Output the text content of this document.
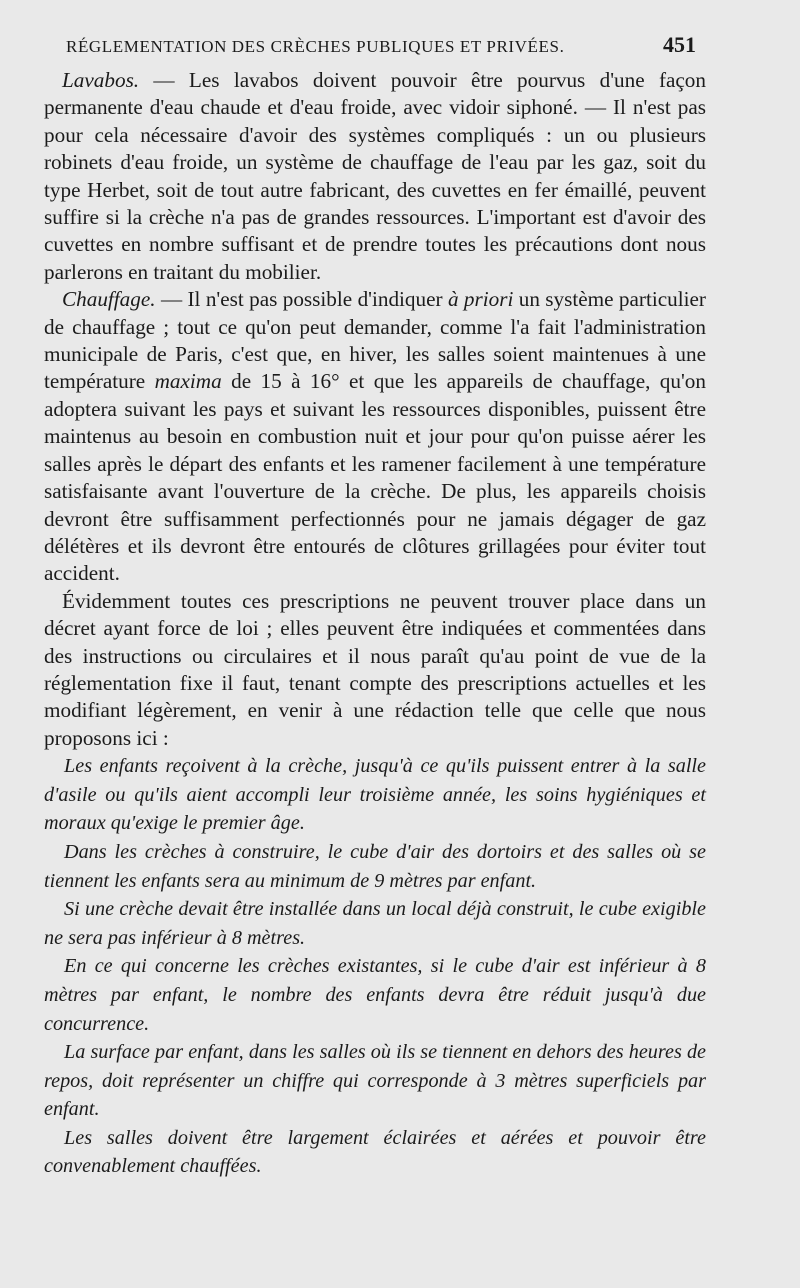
RÉGLEMENTATION DES CRÈCHES PUBLIQUES ET PRIVÉES.	451

Lavabos. — Les lavabos doivent pouvoir être pourvus d'une façon permanente d'eau chaude et d'eau froide, avec vidoir siphoné. — Il n'est pas pour cela nécessaire d'avoir des systèmes compliqués : un ou plusieurs robinets d'eau froide, un système de chauffage de l'eau par les gaz, soit du type Herbet, soit de tout autre fabricant, des cuvettes en fer émaillé, peuvent suffire si la crèche n'a pas de grandes ressources. L'important est d'avoir des cuvettes en nombre suffisant et de prendre toutes les précautions dont nous parlerons en traitant du mobilier.

Chauffage. — Il n'est pas possible d'indiquer à priori un système particulier de chauffage ; tout ce qu'on peut demander, comme l'a fait l'administration municipale de Paris, c'est que, en hiver, les salles soient maintenues à une température maxima de 15 à 16° et que les appareils de chauffage, qu'on adoptera suivant les pays et suivant les ressources disponibles, puissent être maintenus au besoin en combustion nuit et jour pour qu'on puisse aérer les salles après le départ des enfants et les ramener facilement à une température satisfaisante avant l'ouverture de la crèche. De plus, les appareils choisis devront être suffisamment perfectionnés pour ne jamais dégager de gaz délétères et ils devront être entourés de clôtures grillagées pour éviter tout accident.

Évidemment toutes ces prescriptions ne peuvent trouver place dans un décret ayant force de loi ; elles peuvent être indiquées et commentées dans des instructions ou circulaires et il nous paraît qu'au point de vue de la réglementation fixe il faut, tenant compte des prescriptions actuelles et les modifiant légèrement, en venir à une rédaction telle que celle que nous proposons ici :

Les enfants reçoivent à la crèche, jusqu'à ce qu'ils puissent entrer à la salle d'asile ou qu'ils aient accompli leur troisième année, les soins hygiéniques et moraux qu'exige le premier âge.

Dans les crèches à construire, le cube d'air des dortoirs et des salles où se tiennent les enfants sera au minimum de 9 mètres par enfant.

Si une crèche devait être installée dans un local déjà construit, le cube exigible ne sera pas inférieur à 8 mètres.

En ce qui concerne les crèches existantes, si le cube d'air est inférieur à 8 mètres par enfant, le nombre des enfants devra être réduit jusqu'à due concurrence.

La surface par enfant, dans les salles où ils se tiennent en dehors des heures de repos, doit représenter un chiffre qui corresponde à 3 mètres superficiels par enfant.

Les salles doivent être largement éclairées et aérées et pouvoir être convenablement chauffées.
